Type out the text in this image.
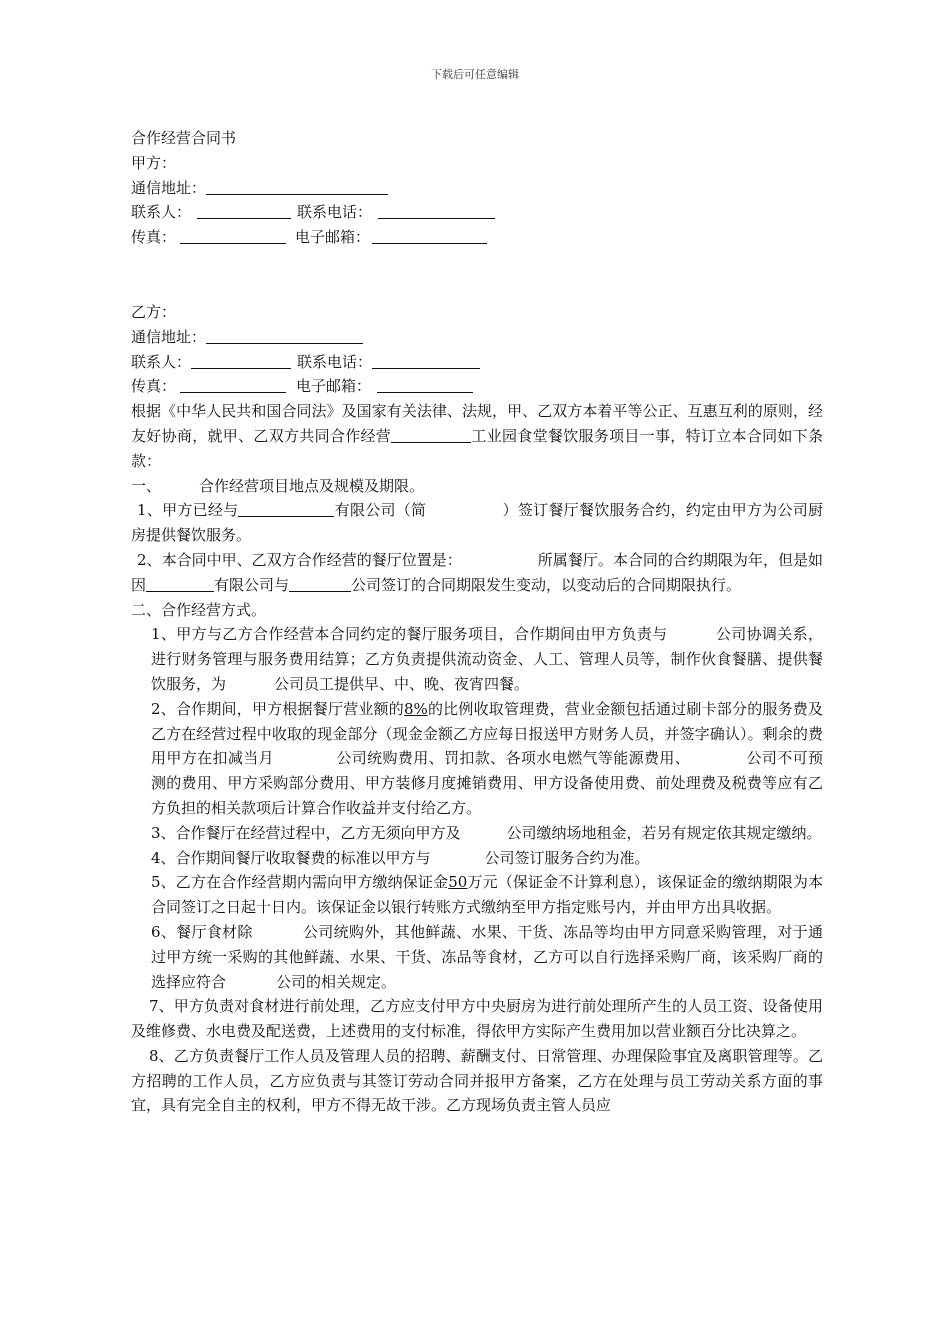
下载后可任意编辑

合作经营合同书

甲方：

通信地址：

联系人：	联系电话：

传真：	电子邮箱：

乙方：

通信地址：

联系人：	联系电话：

传真：	电子邮箱：

根据《中华人民共和国合同法》及国家有关法律、法规，甲、乙双方本着平等公正、互惠互利的原则，经友好协商，就甲、乙双方共同合作经营	工业园食堂餐饮服务项目一事，特订立本合同如下条款：

一、	合作经营项目地点及规模及期限。

1、甲方已经与	有限公司（简	）签订餐厅餐饮服务合约，约定由甲方为公司厨房提供餐饮服务。

2、本合同中甲、乙双方合作经营的餐厅位置是：	所属餐厅。本合同的合约期限为年，但是如因	有限公司与	公司签订的合同期限发生变动，以变动后的合同期限执行。

二、合作经营方式。

1、甲方与乙方合作经营本合同约定的餐厅服务项目，合作期间由甲方负责与	公司协调关系，进行财务管理与服务费用结算；乙方负责提供流动资金、人工、管理人员等，制作伙食餐膳、提供餐饮服务，为	公司员工提供早、中、晚、夜宵四餐。

2、合作期间，甲方根据餐厅营业额的8%的比例收取管理费，营业金额包括通过刷卡部分的服务费及乙方在经营过程中收取的现金部分（现金金额乙方应每日报送甲方财务人员，并签字确认）。剩余的费用甲方在扣减当月	公司统购费用、罚扣款、各项水电燃气等能源费用、	公司不可预测的费用、甲方采购部分费用、甲方装修月度摊销费用、甲方设备使用费、前处理费及税费等应有乙方负担的相关款项后计算合作收益并支付给乙方。

3、合作餐厅在经营过程中，乙方无须向甲方及	公司缴纳场地租金，若另有规定依其规定缴纳。

4、合作期间餐厅收取餐费的标准以甲方与	公司签订服务合约为准。

5、乙方在合作经营期内需向甲方缴纳保证金50万元（保证金不计算利息），该保证金的缴纳期限为本合同签订之日起十日内。该保证金以银行转账方式缴纳至甲方指定账号内，并由甲方出具收据。

6、餐厅食材除	公司统购外，其他鲜蔬、水果、干货、冻品等均由甲方同意采购管理，对于通过甲方统一采购的其他鲜蔬、水果、干货、冻品等食材，乙方可以自行选择采购厂商，该采购厂商的选择应符合	公司的相关规定。

7、甲方负责对食材进行前处理，乙方应支付甲方中央厨房为进行前处理所产生的人员工资、设备使用及维修费、水电费及配送费，上述费用的支付标准，得依甲方实际产生费用加以营业额百分比决算之。

8、乙方负责餐厅工作人员及管理人员的招聘、薪酬支付、日常管理、办理保险事宜及离职管理等。乙方招聘的工作人员，乙方应负责与其签订劳动合同并报甲方备案，乙方在处理与员工劳动关系方面的事宜，具有完全自主的权利，甲方不得无故干涉。乙方现场负责主管人员应
